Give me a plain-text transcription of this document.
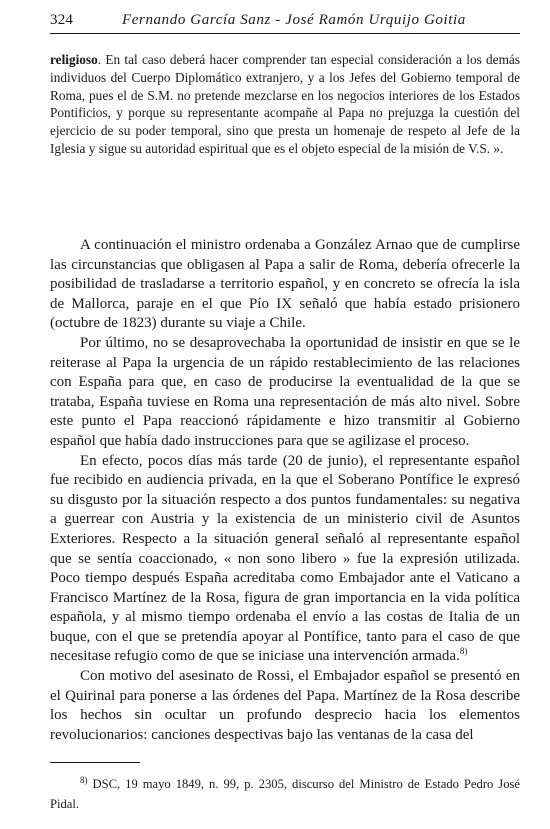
324	Fernando García Sanz - José Ramón Urquijo Goitia

religioso. En tal caso deberá hacer comprender tan especial consideración a los demás individuos del Cuerpo Diplomático extranjero, y a los Jefes del Gobierno temporal de Roma, pues el de S.M. no pretende mezclarse en los negocios interiores de los Estados Pontificios, y porque su representante acompañe al Papa no prejuzga la cuestión del ejercicio de su poder temporal, sino que presta un homenaje de respeto al Jefe de la Iglesia y sigue su autoridad espiritual que es el objeto especial de la misión de V.S. ».

A continuación el ministro ordenaba a González Arnao que de cumplirse las circunstancias que obligasen al Papa a salir de Roma, debería ofrecerle la posibilidad de trasladarse a territorio español, y en concreto se ofrecía la isla de Mallorca, paraje en el que Pío IX señaló que había estado prisionero (octubre de 1823) durante su viaje a Chile.

Por último, no se desaprovechaba la oportunidad de insistir en que se le reiterase al Papa la urgencia de un rápido restablecimiento de las relaciones con España para que, en caso de producirse la eventualidad de la que se trataba, España tuviese en Roma una representación de más alto nivel. Sobre este punto el Papa reaccionó rápidamente e hizo transmitir al Gobierno español que había dado instrucciones para que se agilizase el proceso.

En efecto, pocos días más tarde (20 de junio), el representante español fue recibido en audiencia privada, en la que el Soberano Pontífice le expresó su disgusto por la situación respecto a dos puntos fundamentales: su negativa a guerrear con Austria y la existencia de un ministerio civil de Asuntos Exteriores. Respecto a la situación general señaló al representante español que se sentía coaccionado, « non sono libero » fue la expresión utilizada. Poco tiempo después España acreditaba como Embajador ante el Vaticano a Francisco Martínez de la Rosa, figura de gran importancia en la vida política española, y al mismo tiempo ordenaba el envío a las costas de Italia de un buque, con el que se pretendía apoyar al Pontífice, tanto para el caso de que necesitase refugio como de que se iniciase una intervención armada.$^{8)}$

Con motivo del asesinato de Rossi, el Embajador español se presentó en el Quirinal para ponerse a las órdenes del Papa. Martínez de la Rosa describe los hechos sin ocultar un profundo desprecio hacia los elementos revolucionarios: canciones despectivas bajo las ventanas de la casa del

$^{8)}$ DSC, 19 mayo 1849, n. 99, p. 2305, discurso del Ministro de Estado Pedro José Pidal.
